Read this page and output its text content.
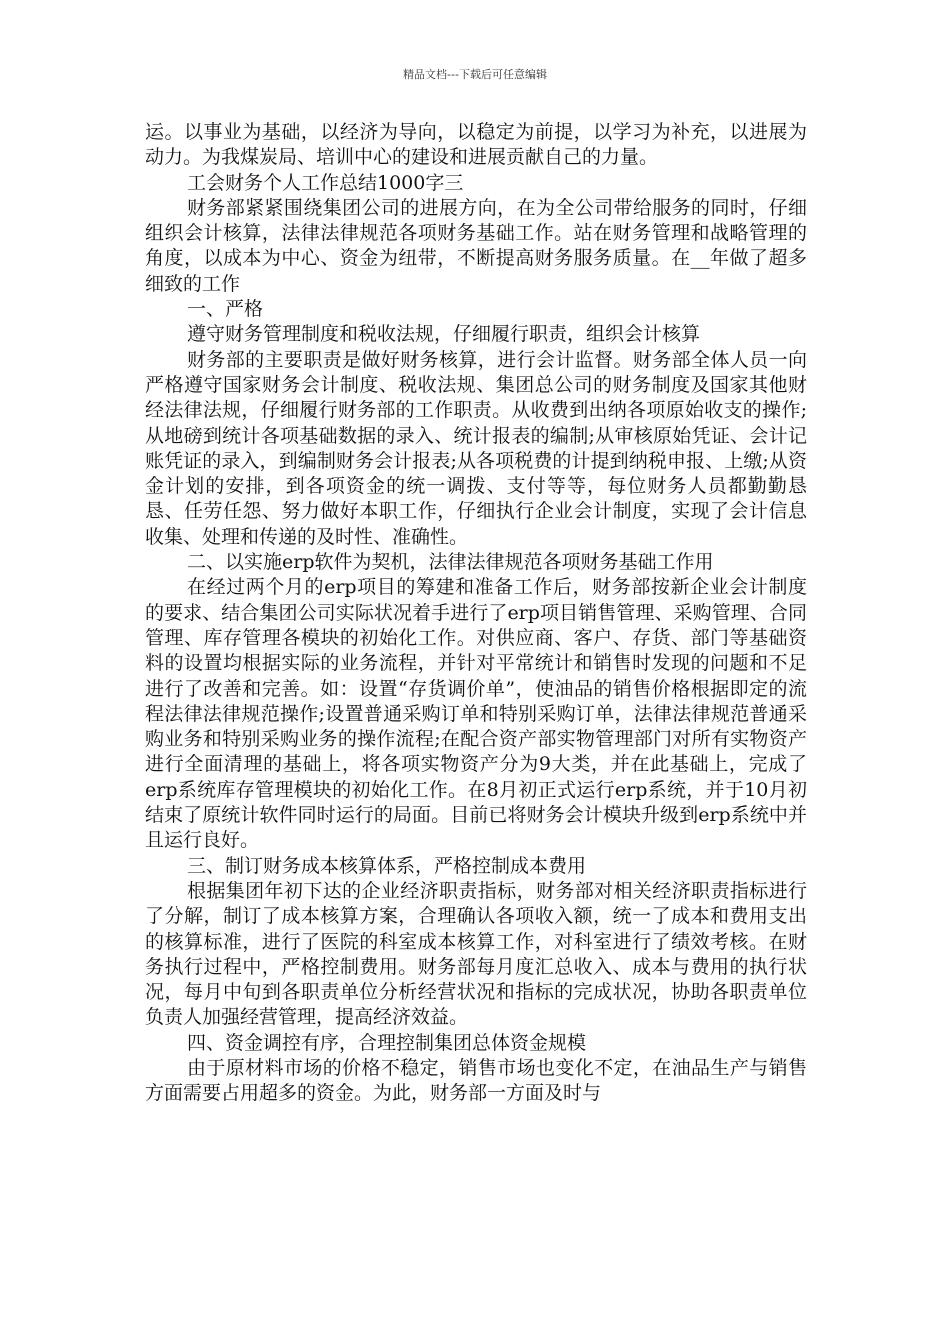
精品文档---下载后可任意编辑

运。以事业为基础，以经济为导向，以稳定为前提，以学习为补充，以进展为动力。为我煤炭局、培训中心的建设和进展贡献自己的力量。

工会财务个人工作总结1000字三

财务部紧紧围绕集团公司的进展方向，在为全公司带给服务的同时，仔细组织会计核算，法律法律规范各项财务基础工作。站在财务管理和战略管理的角度，以成本为中心、资金为纽带，不断提高财务服务质量。在__年做了超多细致的工作

一、严格

遵守财务管理制度和税收法规，仔细履行职责，组织会计核算

财务部的主要职责是做好财务核算，进行会计监督。财务部全体人员一向严格遵守国家财务会计制度、税收法规、集团总公司的财务制度及国家其他财经法律法规，仔细履行财务部的工作职责。从收费到出纳各项原始收支的操作;从地磅到统计各项基础数据的录入、统计报表的编制;从审核原始凭证、会计记账凭证的录入，到编制财务会计报表;从各项税费的计提到纳税申报、上缴;从资金计划的安排，到各项资金的统一调拨、支付等等，每位财务人员都勤勤恳恳、任劳任怨、努力做好本职工作，仔细执行企业会计制度，实现了会计信息收集、处理和传递的及时性、准确性。

二、以实施erp软件为契机，法律法律规范各项财务基础工作用

在经过两个月的erp项目的筹建和准备工作后，财务部按新企业会计制度的要求、结合集团公司实际状况着手进行了erp项目销售管理、采购管理、合同管理、库存管理各模块的初始化工作。对供应商、客户、存货、部门等基础资料的设置均根据实际的业务流程，并针对平常统计和销售时发现的问题和不足进行了改善和完善。如：设置“存货调价单”，使油品的销售价格根据即定的流程法律法律规范操作;设置普通采购订单和特别采购订单，法律法律规范普通采购业务和特别采购业务的操作流程;在配合资产部实物管理部门对所有实物资产进行全面清理的基础上，将各项实物资产分为9大类，并在此基础上，完成了erp系统库存管理模块的初始化工作。在8月初正式运行erp系统，并于10月初结束了原统计软件同时运行的局面。目前已将财务会计模块升级到erp系统中并且运行良好。

三、制订财务成本核算体系，严格控制成本费用

根据集团年初下达的企业经济职责指标，财务部对相关经济职责指标进行了分解，制订了成本核算方案，合理确认各项收入额，统一了成本和费用支出的核算标准，进行了医院的科室成本核算工作，对科室进行了绩效考核。在财务执行过程中，严格控制费用。财务部每月度汇总收入、成本与费用的执行状况，每月中旬到各职责单位分析经营状况和指标的完成状况，协助各职责单位负责人加强经营管理，提高经济效益。

四、资金调控有序，合理控制集团总体资金规模

由于原材料市场的价格不稳定，销售市场也变化不定，在油品生产与销售方面需要占用超多的资金。为此，财务部一方面及时与
